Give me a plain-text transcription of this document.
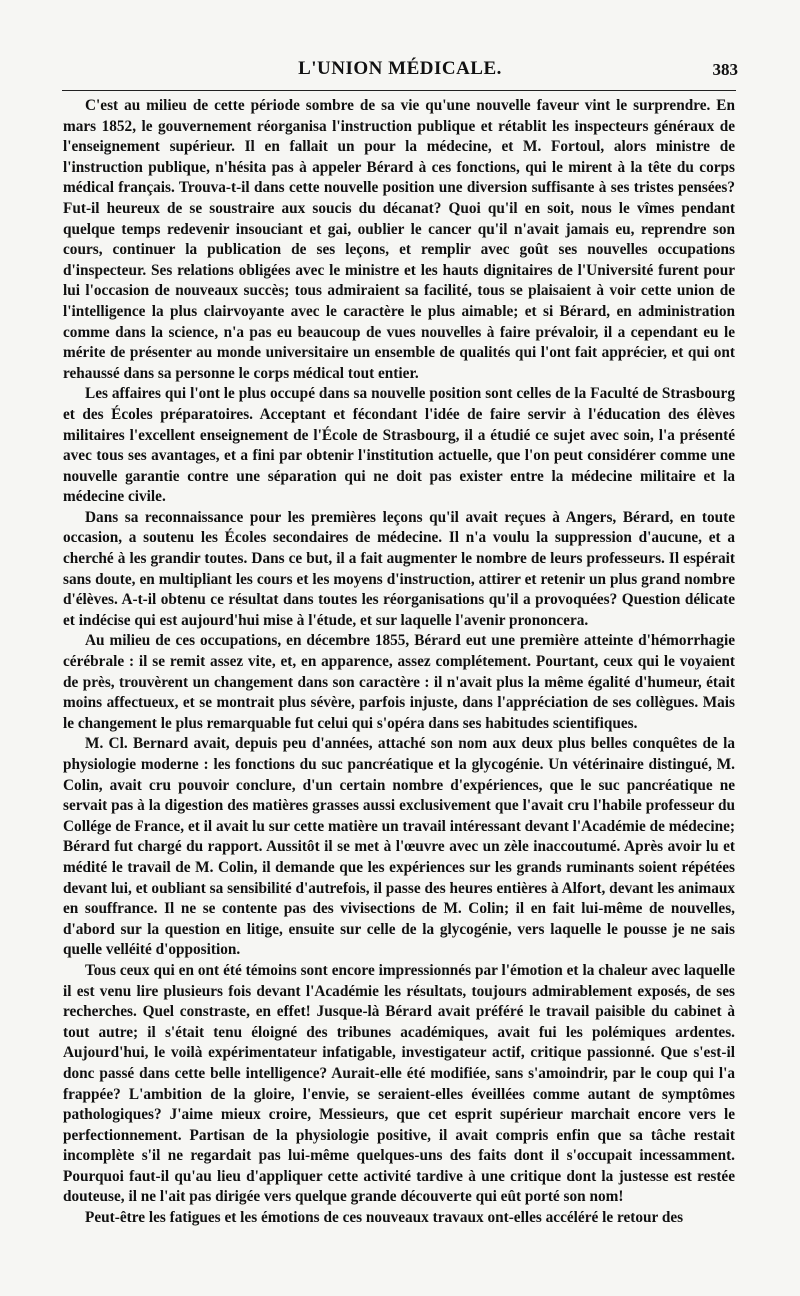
L'UNION MÉDICALE.	383

C'est au milieu de cette période sombre de sa vie qu'une nouvelle faveur vint le surprendre. En mars 1852, le gouvernement réorganisa l'instruction publique et rétablit les inspecteurs généraux de l'enseignement supérieur. Il en fallait un pour la médecine, et M. Fortoul, alors ministre de l'instruction publique, n'hésita pas à appeler Bérard à ces fonctions, qui le mirent à la tête du corps médical français. Trouva-t-il dans cette nouvelle position une diversion suffisante à ses tristes pensées? Fut-il heureux de se soustraire aux soucis du décanat? Quoi qu'il en soit, nous le vîmes pendant quelque temps redevenir insouciant et gai, oublier le cancer qu'il n'avait jamais eu, reprendre son cours, continuer la publication de ses leçons, et remplir avec goût ses nouvelles occupations d'inspecteur. Ses relations obligées avec le ministre et les hauts dignitaires de l'Université furent pour lui l'occasion de nouveaux succès; tous admiraient sa facilité, tous se plaisaient à voir cette union de l'intelligence la plus clairvoyante avec le caractère le plus aimable; et si Bérard, en administration comme dans la science, n'a pas eu beaucoup de vues nouvelles à faire prévaloir, il a cependant eu le mérite de présenter au monde universitaire un ensemble de qualités qui l'ont fait apprécier, et qui ont rehaussé dans sa personne le corps médical tout entier.

Les affaires qui l'ont le plus occupé dans sa nouvelle position sont celles de la Faculté de Strasbourg et des Écoles préparatoires. Acceptant et fécondant l'idée de faire servir à l'éducation des élèves militaires l'excellent enseignement de l'École de Strasbourg, il a étudié ce sujet avec soin, l'a présenté avec tous ses avantages, et a fini par obtenir l'institution actuelle, que l'on peut considérer comme une nouvelle garantie contre une séparation qui ne doit pas exister entre la médecine militaire et la médecine civile.

Dans sa reconnaissance pour les premières leçons qu'il avait reçues à Angers, Bérard, en toute occasion, a soutenu les Écoles secondaires de médecine. Il n'a voulu la suppression d'aucune, et a cherché à les grandir toutes. Dans ce but, il a fait augmenter le nombre de leurs professeurs. Il espérait sans doute, en multipliant les cours et les moyens d'instruction, attirer et retenir un plus grand nombre d'élèves. A-t-il obtenu ce résultat dans toutes les réorganisations qu'il a provoquées? Question délicate et indécise qui est aujourd'hui mise à l'étude, et sur laquelle l'avenir prononcera.

Au milieu de ces occupations, en décembre 1855, Bérard eut une première atteinte d'hémorrhagie cérébrale : il se remit assez vite, et, en apparence, assez complétement. Pourtant, ceux qui le voyaient de près, trouvèrent un changement dans son caractère : il n'avait plus la même égalité d'humeur, était moins affectueux, et se montrait plus sévère, parfois injuste, dans l'appréciation de ses collègues. Mais le changement le plus remarquable fut celui qui s'opéra dans ses habitudes scientifiques.

M. Cl. Bernard avait, depuis peu d'années, attaché son nom aux deux plus belles conquêtes de la physiologie moderne : les fonctions du suc pancréatique et la glycogénie. Un vétérinaire distingué, M. Colin, avait cru pouvoir conclure, d'un certain nombre d'expériences, que le suc pancréatique ne servait pas à la digestion des matières grasses aussi exclusivement que l'avait cru l'habile professeur du Collége de France, et il avait lu sur cette matière un travail intéressant devant l'Académie de médecine; Bérard fut chargé du rapport. Aussitôt il se met à l'œuvre avec un zèle inaccoutumé. Après avoir lu et médité le travail de M. Colin, il demande que les expériences sur les grands ruminants soient répétées devant lui, et oubliant sa sensibilité d'autrefois, il passe des heures entières à Alfort, devant les animaux en souffrance. Il ne se contente pas des vivisections de M. Colin; il en fait lui-même de nouvelles, d'abord sur la question en litige, ensuite sur celle de la glycogénie, vers laquelle le pousse je ne sais quelle velléité d'opposition.

Tous ceux qui en ont été témoins sont encore impressionnés par l'émotion et la chaleur avec laquelle il est venu lire plusieurs fois devant l'Académie les résultats, toujours admirablement exposés, de ses recherches. Quel constraste, en effet! Jusque-là Bérard avait préféré le travail paisible du cabinet à tout autre; il s'était tenu éloigné des tribunes académiques, avait fui les polémiques ardentes. Aujourd'hui, le voilà expérimentateur infatigable, investigateur actif, critique passionné. Que s'est-il donc passé dans cette belle intelligence? Aurait-elle été modifiée, sans s'amoindrir, par le coup qui l'a frappée? L'ambition de la gloire, l'envie, se seraient-elles éveillées comme autant de symptômes pathologiques? J'aime mieux croire, Messieurs, que cet esprit supérieur marchait encore vers le perfectionnement. Partisan de la physiologie positive, il avait compris enfin que sa tâche restait incomplète s'il ne regardait pas lui-même quelques-uns des faits dont il s'occupait incessamment. Pourquoi faut-il qu'au lieu d'appliquer cette activité tardive à une critique dont la justesse est restée douteuse, il ne l'ait pas dirigée vers quelque grande découverte qui eût porté son nom!

Peut-être les fatigues et les émotions de ces nouveaux travaux ont-elles accéléré le retour des
